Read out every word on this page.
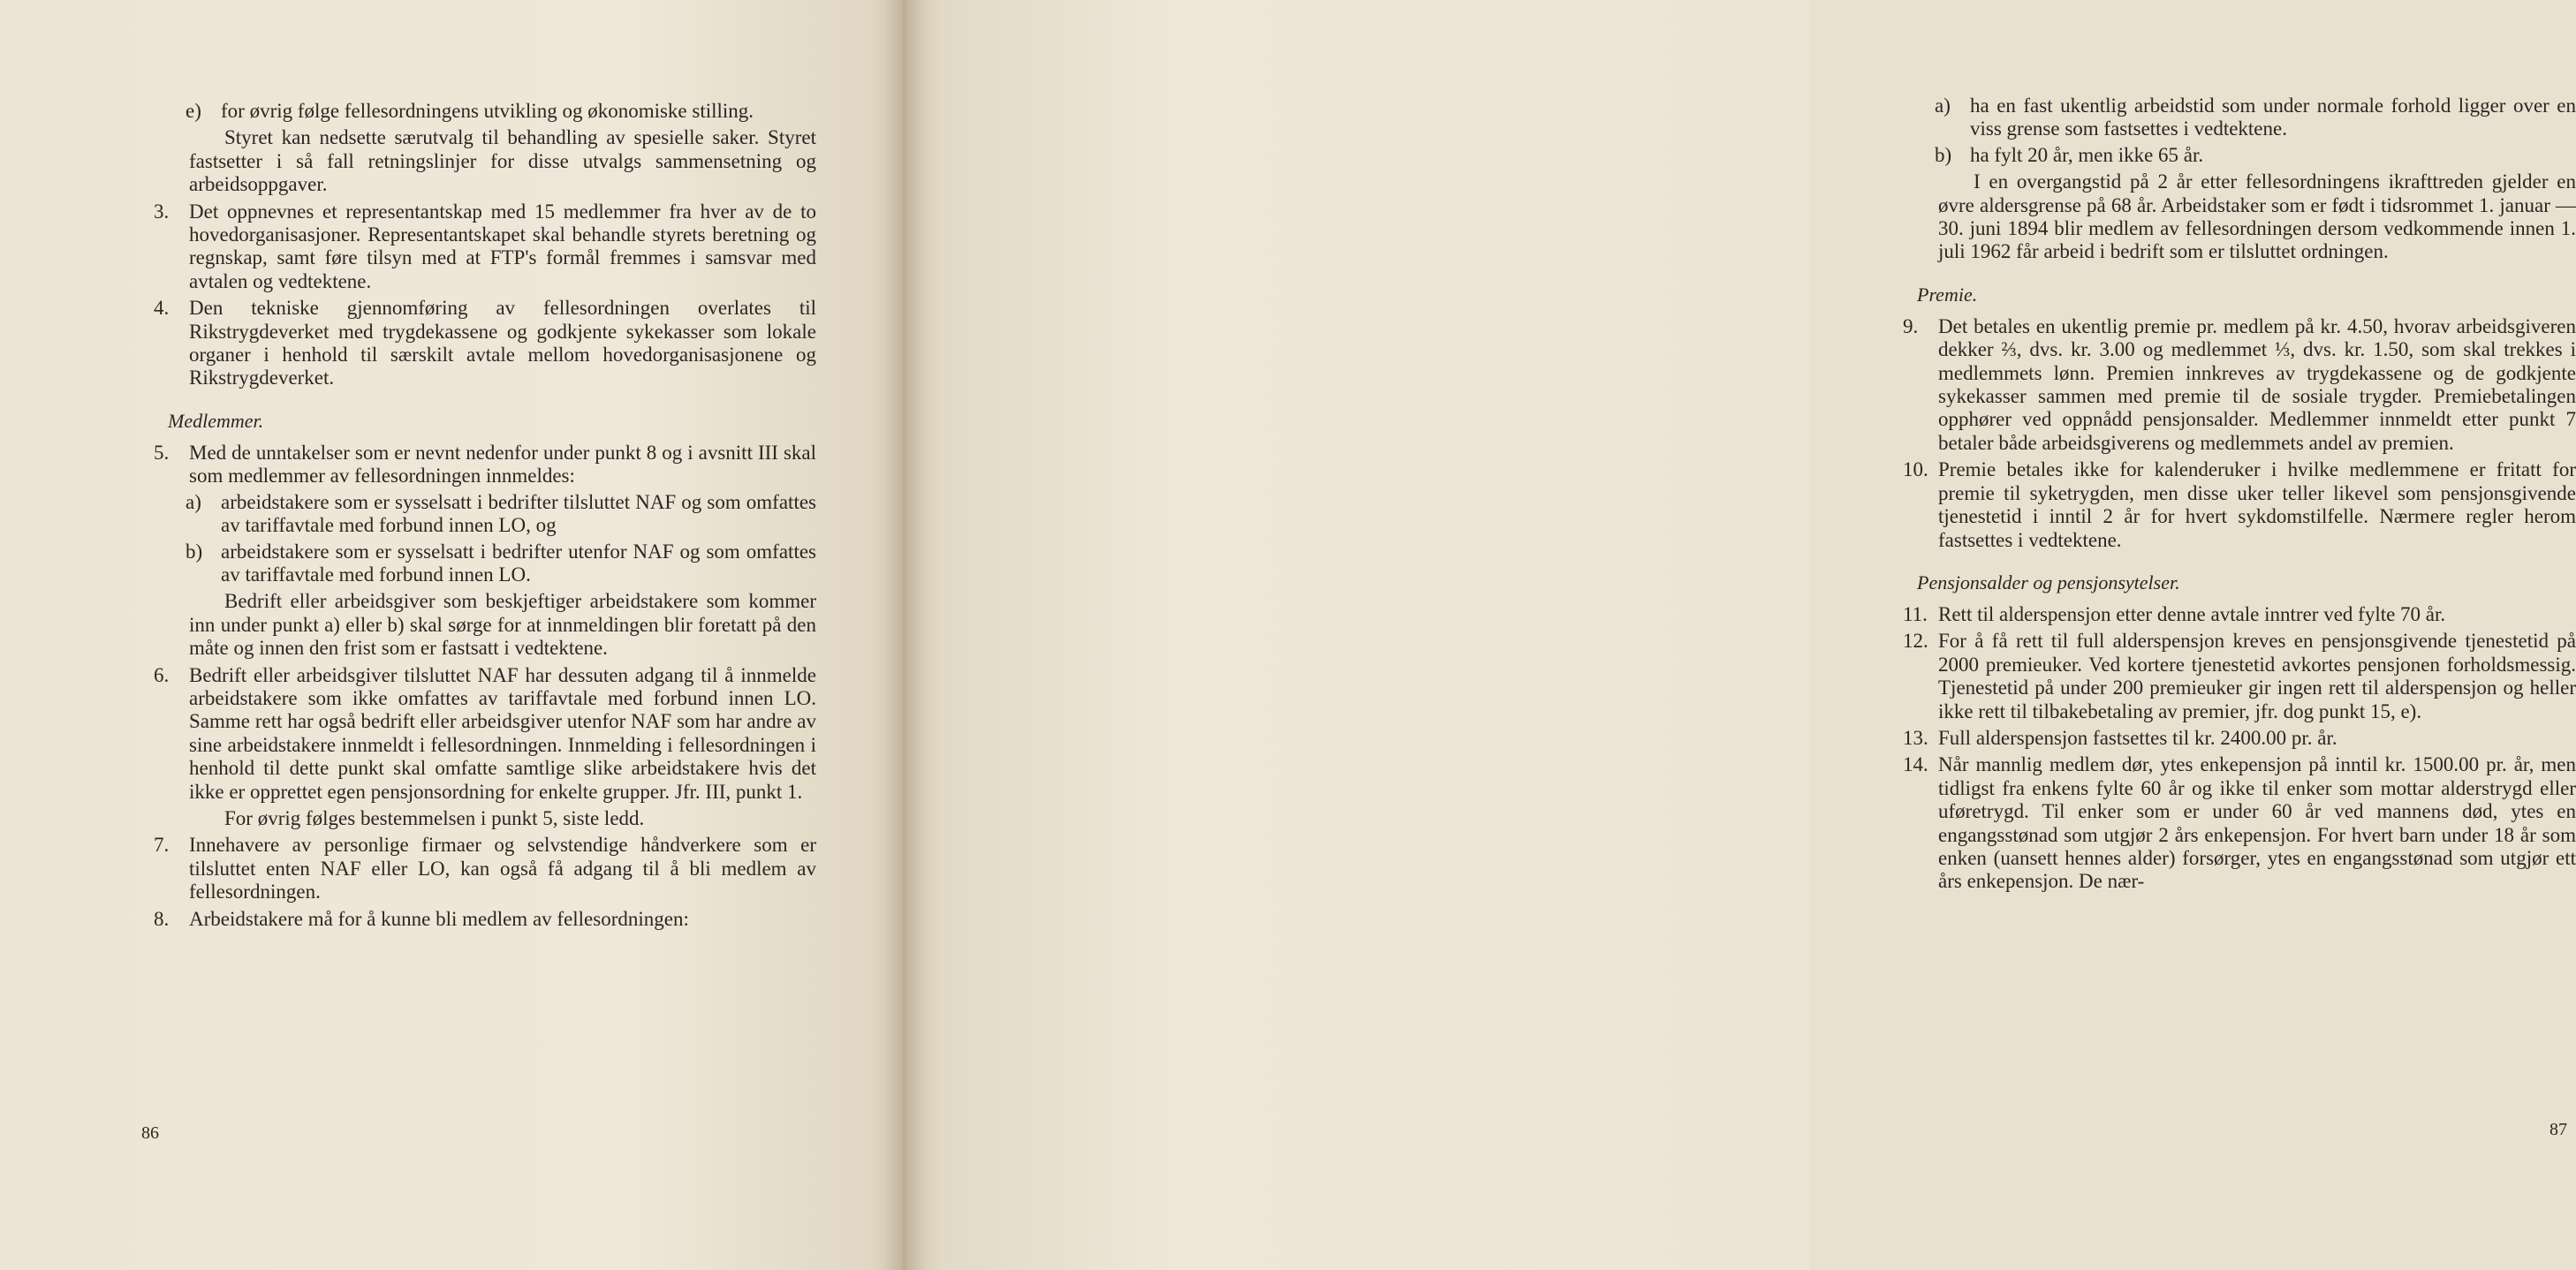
e) for øvrig følge fellesordningens utvikling og økonomiske stilling.

Styret kan nedsette særutvalg til behandling av spesielle saker. Styret fastsetter i så fall retningslinjer for disse utvalgs sammensetning og arbeidsoppgaver.

3. Det oppnevnes et representantskap med 15 medlemmer fra hver av de to hovedorganisasjoner. Representantskapet skal behandle styrets beretning og regnskap, samt føre tilsyn med at FTP's formål fremmes i samsvar med avtalen og vedtektene.

4. Den tekniske gjennomføring av fellesordningen overlates til Rikstrygdeverket med trygdekassene og godkjente sykekasser som lokale organer i henhold til særskilt avtale mellom hovedorganisasjonene og Rikstrygdeverket.

Medlemmer.

5. Med de unntakelser som er nevnt nedenfor under punkt 8 og i avsnitt III skal som medlemmer av fellesordningen innmeldes:

a) arbeidstakere som er sysselsatt i bedrifter tilsluttet NAF og som omfattes av tariffavtale med forbund innen LO, og

b) arbeidstakere som er sysselsatt i bedrifter utenfor NAF og som omfattes av tariffavtale med forbund innen LO.

Bedrift eller arbeidsgiver som beskjeftiger arbeidstakere som kommer inn under punkt a) eller b) skal sørge for at innmeldingen blir foretatt på den måte og innen den frist som er fastsatt i vedtektene.

6. Bedrift eller arbeidsgiver tilsluttet NAF har dessuten adgang til å innmelde arbeidstakere som ikke omfattes av tariffavtale med forbund innen LO. Samme rett har også bedrift eller arbeidsgiver utenfor NAF som har andre av sine arbeidstakere innmeldt i fellesordningen. Innmelding i fellesordningen i henhold til dette punkt skal omfatte samtlige slike arbeidstakere hvis det ikke er opprettet egen pensjonsordning for enkelte grupper. Jfr. III, punkt 1.

For øvrig følges bestemmelsen i punkt 5, siste ledd.

7. Innehavere av personlige firmaer og selvstendige håndverkere som er tilsluttet enten NAF eller LO, kan også få adgang til å bli medlem av fellesordningen.

8. Arbeidstakere må for å kunne bli medlem av fellesordningen:

86

a) ha en fast ukentlig arbeidstid som under normale forhold ligger over en viss grense som fastsettes i vedtektene.

b) ha fylt 20 år, men ikke 65 år.

I en overgangstid på 2 år etter fellesordningens ikrafttreden gjelder en øvre aldersgrense på 68 år. Arbeidstaker som er født i tidsrommet 1. januar — 30. juni 1894 blir medlem av fellesordningen dersom vedkommende innen 1. juli 1962 får arbeid i bedrift som er tilsluttet ordningen.

Premie.

9. Det betales en ukentlig premie pr. medlem på kr. 4.50, hvorav arbeidsgiveren dekker ⅔, dvs. kr. 3.00 og medlemmet ⅓, dvs. kr. 1.50, som skal trekkes i medlemmets lønn. Premien innkreves av trygdekassene og de godkjente sykekasser sammen med premie til de sosiale trygder. Premiebetalingen opphører ved oppnådd pensjonsalder. Medlemmer innmeldt etter punkt 7 betaler både arbeidsgiverens og medlemmets andel av premien.

10. Premie betales ikke for kalenderuker i hvilke medlemmene er fritatt for premie til syketrygden, men disse uker teller likevel som pensjonsgivende tjenestetid i inntil 2 år for hvert sykdomstilfelle. Nærmere regler herom fastsettes i vedtektene.

Pensjonsalder og pensjonsytelser.

11. Rett til alderspensjon etter denne avtale inntrer ved fylte 70 år.

12. For å få rett til full alderspensjon kreves en pensjonsgivende tjenestetid på 2000 premieuker. Ved kortere tjenestetid avkortes pensjonen forholdsmessig. Tjenestetid på under 200 premieuker gir ingen rett til alderspensjon og heller ikke rett til tilbakebetaling av premier, jfr. dog punkt 15, e).

13. Full alderspensjon fastsettes til kr. 2400.00 pr. år.

14. Når mannlig medlem dør, ytes enkepensjon på inntil kr. 1500.00 pr. år, men tidligst fra enkens fylte 60 år og ikke til enker som mottar alderstrygd eller uføretrygd. Til enker som er under 60 år ved mannens død, ytes en engangsstønad som utgjør 2 års enkepensjon. For hvert barn under 18 år som enken (uansett hennes alder) forsørger, ytes en engangsstønad som utgjør ett års enkepensjon. De nær-

87
